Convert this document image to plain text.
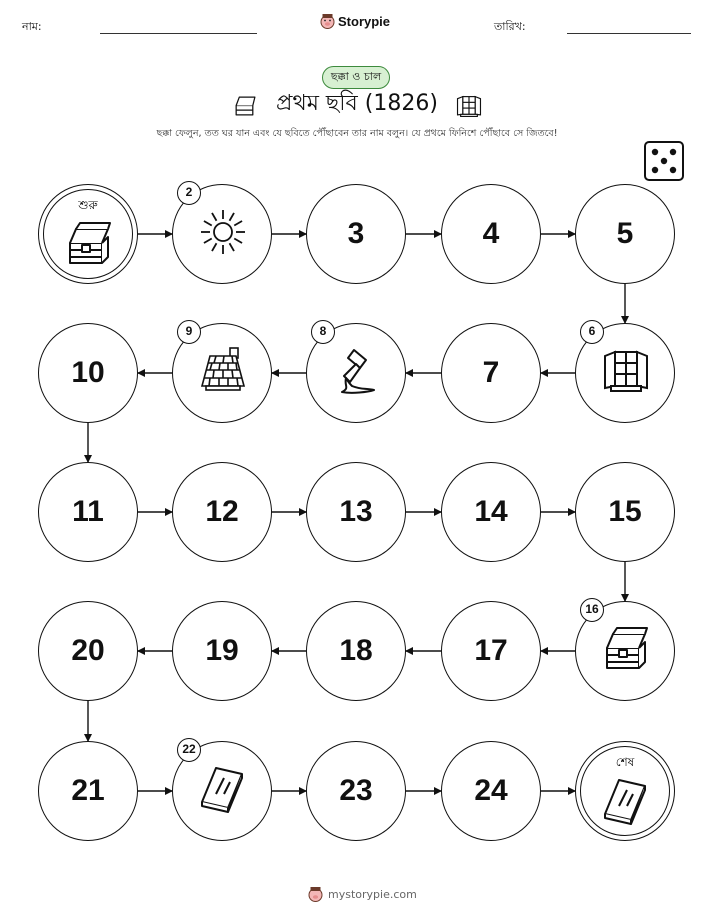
নাম:	Storypie	তারিখ:
ছক্কা ও চাল
প্রথম ছবি (1826)
ছক্কা ফেলুন, তত ঘর যান এবং যে ছবিতে পৌঁছাবেন তার নাম বলুন। যে প্রথমে ফিনিশে পৌঁছাবে সে জিতবে!
শুরু
2
3	4	5
6
7
8
9
10
11	12	13	14	15
16
17
18
19
20
21
22
23	24
শেষ
mystorypie.com
